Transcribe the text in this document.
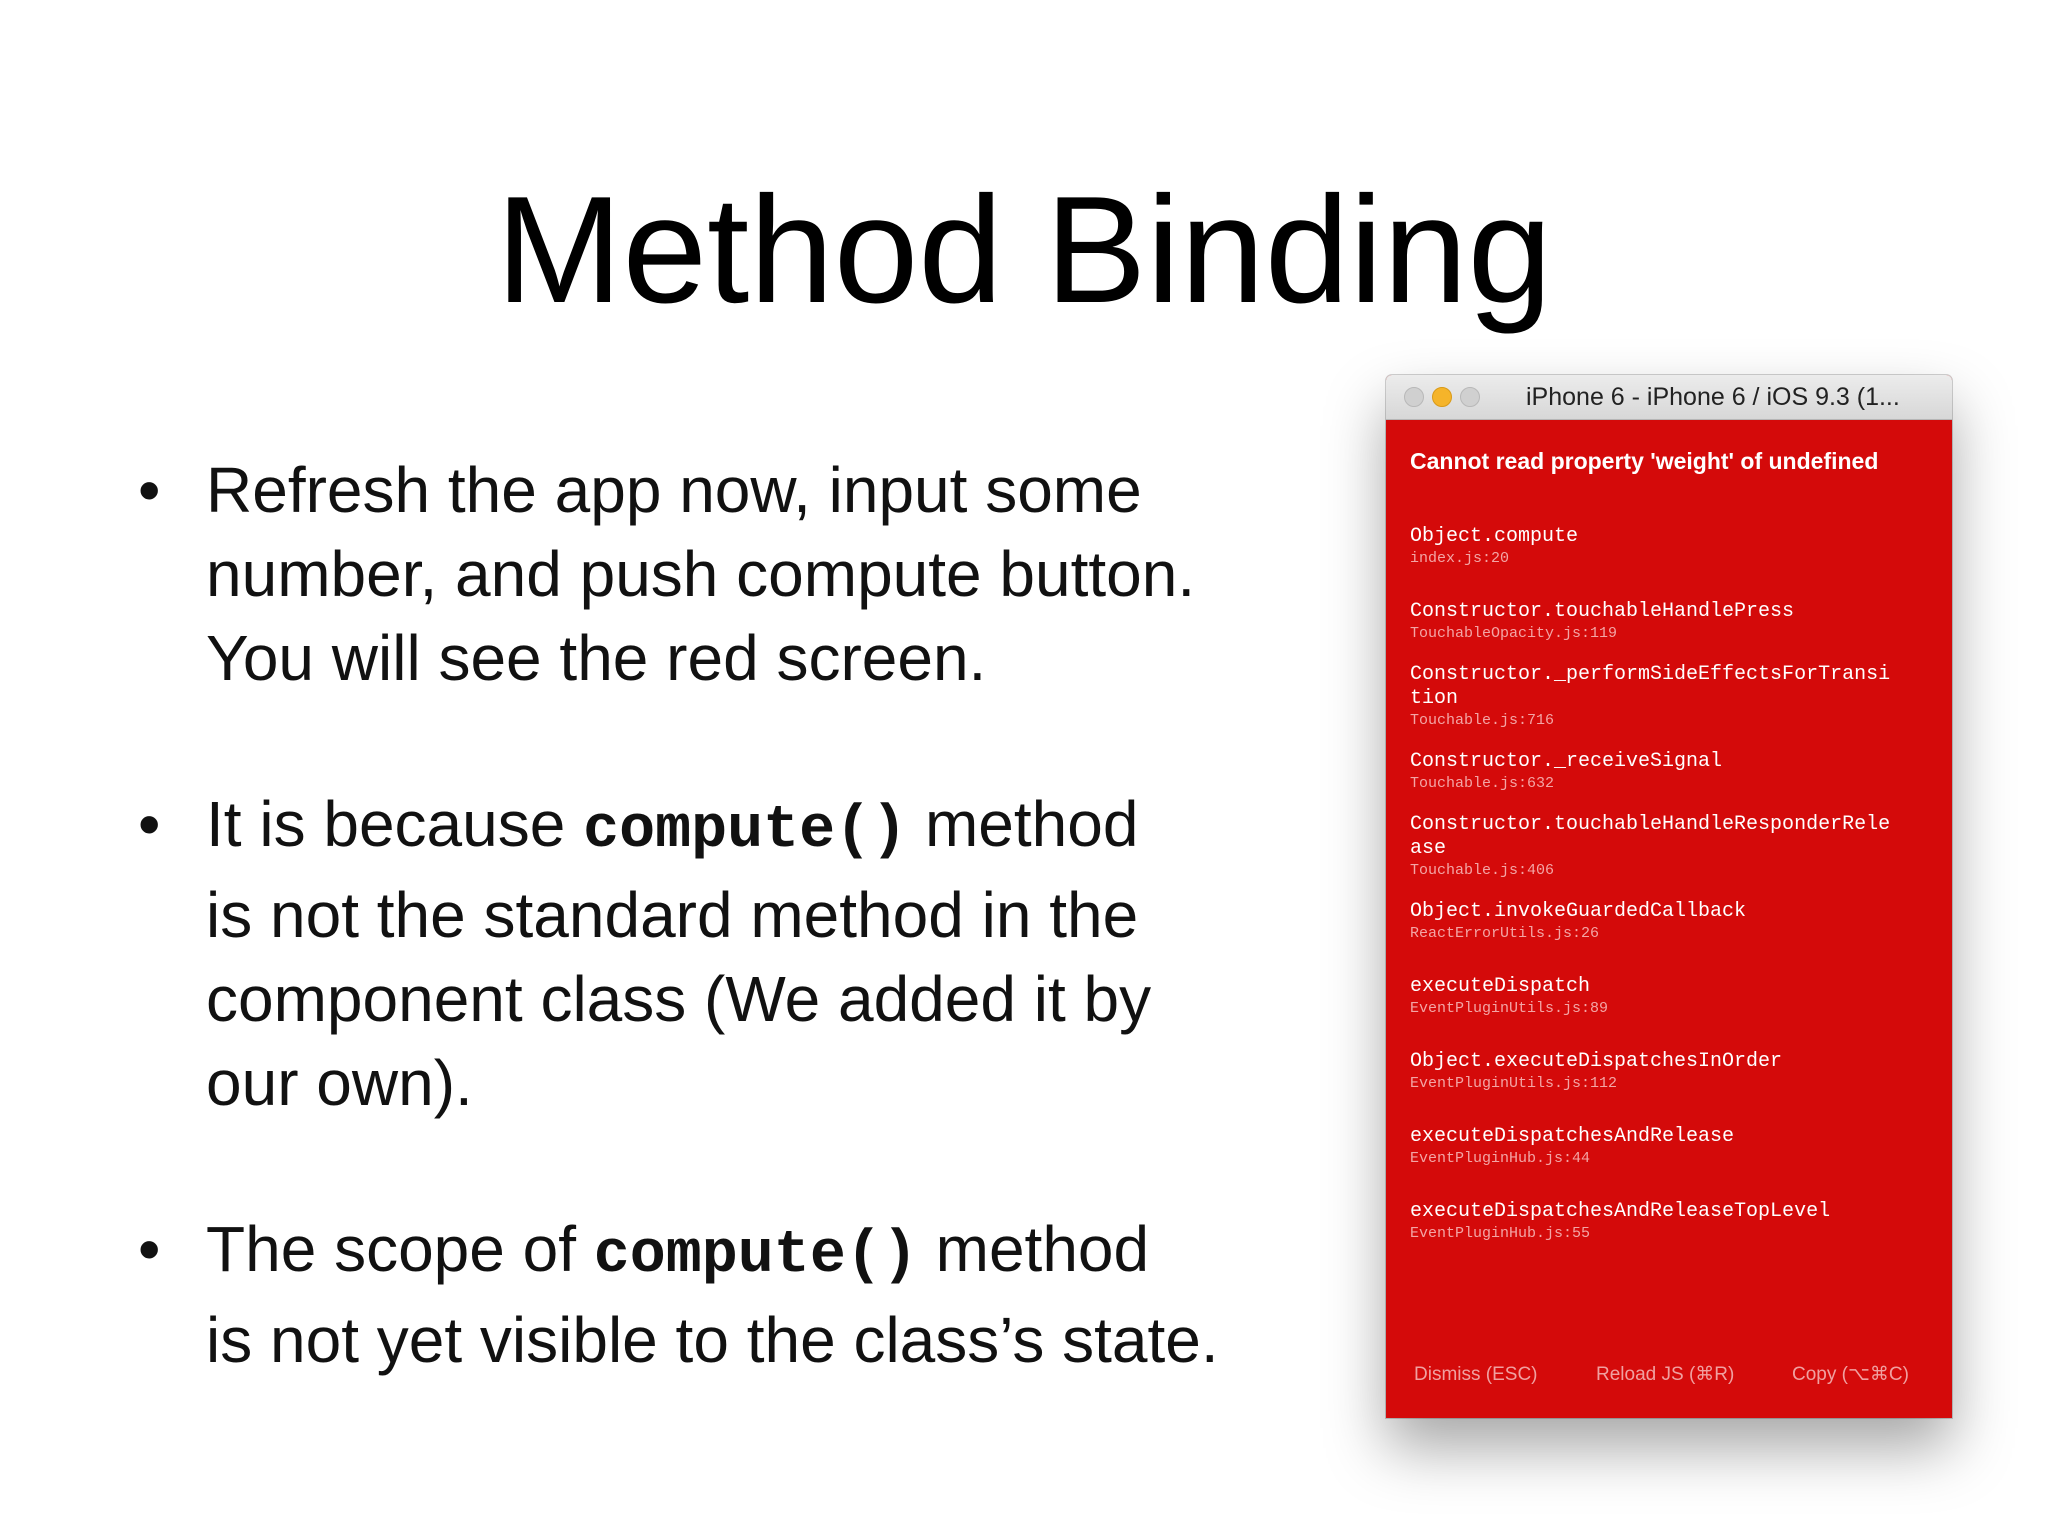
Method Binding
• Refresh the app now, input some
number, and push compute button.
You will see the red screen.
• It is because compute() method
is not the standard method in the
component class (We added it by
our own).
• The scope of compute() method
is not yet visible to the class’s state.
iPhone 6 - iPhone 6 / iOS 9.3 (1...
Cannot read property 'weight' of undefined
Object.compute
index.js:20
Constructor.touchableHandlePress
TouchableOpacity.js:119
Constructor._performSideEffectsForTransi
tion
Touchable.js:716
Constructor._receiveSignal
Touchable.js:632
Constructor.touchableHandleResponderRele
ase
Touchable.js:406
Object.invokeGuardedCallback
ReactErrorUtils.js:26
executeDispatch
EventPluginUtils.js:89
Object.executeDispatchesInOrder
EventPluginUtils.js:112
executeDispatchesAndRelease
EventPluginHub.js:44
executeDispatchesAndReleaseTopLevel
EventPluginHub.js:55
Dismiss (ESC)	Reload JS (⌘R)	Copy (⌥⌘C)
